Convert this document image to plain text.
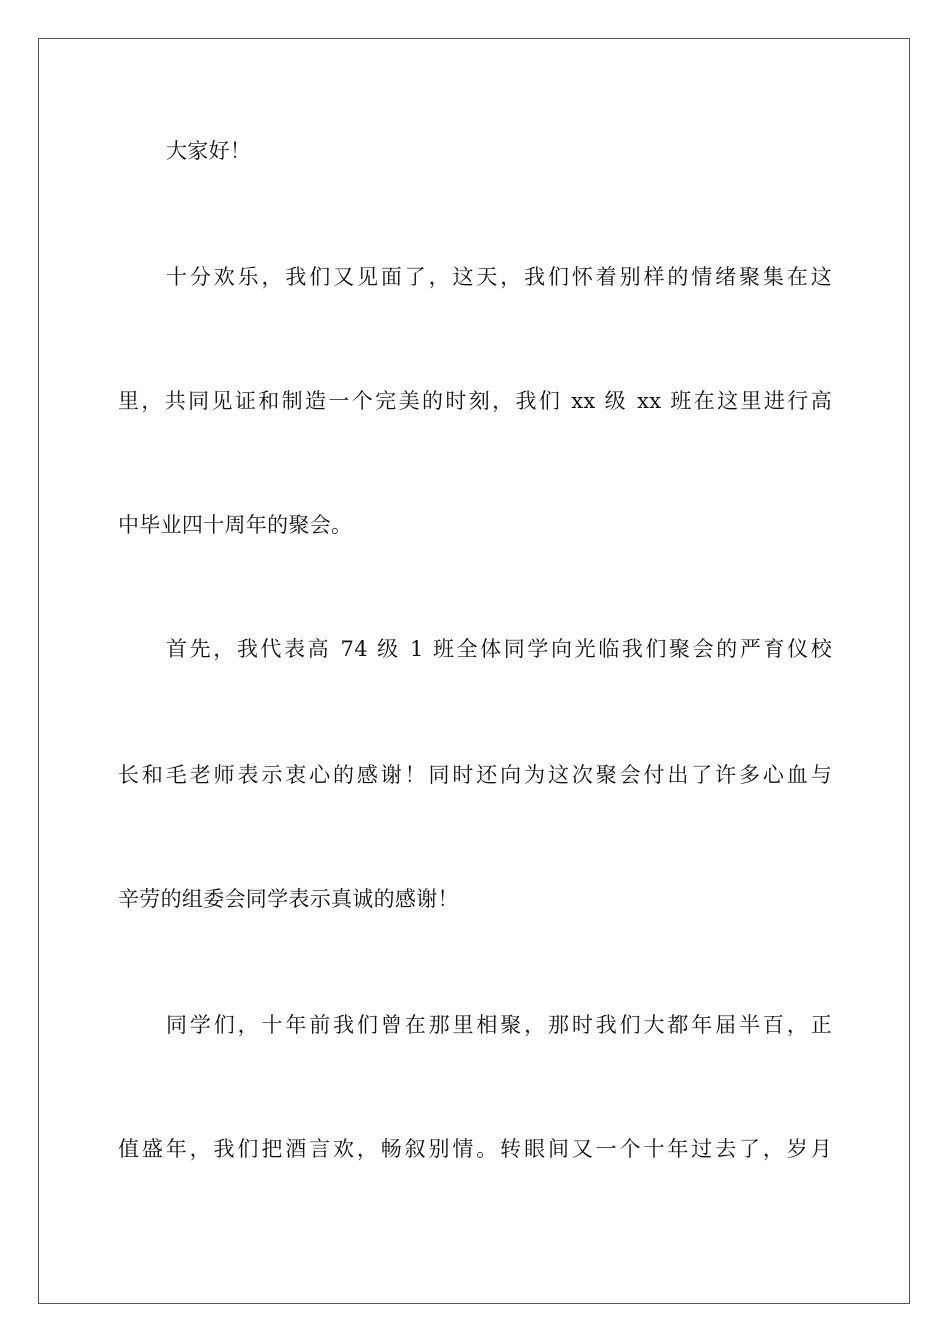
大家好！
十分欢乐，我们又见面了，这天，我们怀着别样的情绪聚集在这
里，共同见证和制造一个完美的时刻，我们 xx 级 xx 班在这里进行高
中毕业四十周年的聚会。
首先，我代表高 74 级 1 班全体同学向光临我们聚会的严育仪校
长和毛老师表示衷心的感谢！同时还向为这次聚会付出了许多心血与
辛劳的组委会同学表示真诚的感谢！
同学们，十年前我们曾在那里相聚，那时我们大都年届半百，正
值盛年，我们把酒言欢，畅叙别情。转眼间又一个十年过去了，岁月
